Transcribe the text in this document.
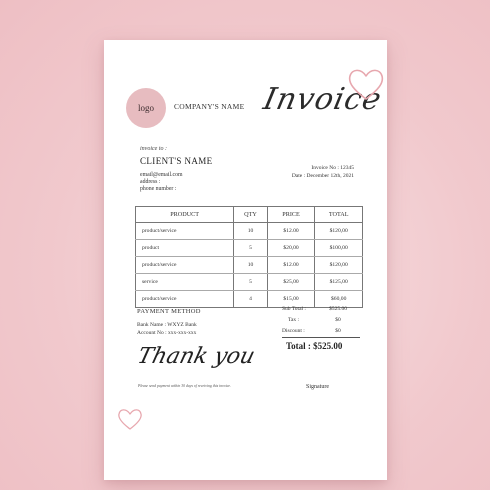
logo	COMPANY'S NAME Invoice
invoice to :
CLIENT'S NAME
email@email.com
address :
phone number :
Invoice No : 12345
Date : December 12th, 2021
PRODUCT	QTY	PRICE	TOTAL
product/service	10	$12.00	$120,00
product	5	$20,00	$100,00
product/service	10	$12.00	$120,00
service	5	$25,00	$125,00
product/service	4	$15,00	$60,00
PAYMENT METHOD
Bank Name : WXYZ Bank
Account No : xxx-xxx-xxx
Sub Total :	$525.00
Tax :	$0
Discount :	$0
Total : $525.00
Thank you
Please send payment within 30 days of receiving this invoice.	Signature
